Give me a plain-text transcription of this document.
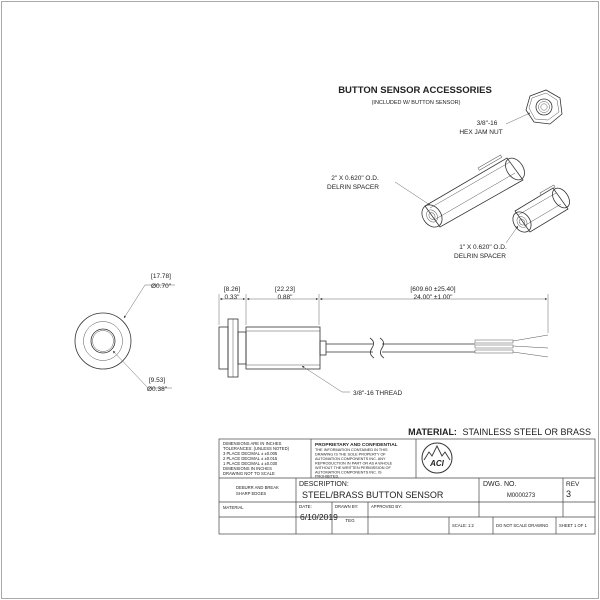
BUTTON SENSOR ACCESSORIES
(INCLUDED W/ BUTTON SENSOR)
3/8"-16
HEX JAM NUT
2" X 0.620" O.D.
DELRIN SPACER
1" X 0.620" O.D.
DELRIN SPACER
[17.78]
Ø0.70"
[9.53]
Ø0.38"
[8.26]
0.33"
[22.23]
0.88"
[609.60 ±25.40]
24.00" ±1.00"
3/8"-16 THREAD
MATERIAL: STAINLESS STEEL OR BRASS
DIMENSIONS ARE IN INCHES
TOLERANCES: (UNLESS NOTED)
3 PLACE DECIMAL ± ±0.005
2 PLACE DECIMAL ± ±0.015
1 PLACE DECIMAL ± ±0.030
DIMENSIONS IN INCHES
DRAWING NOT TO SCALE
PROPRIETARY AND CONFIDENTIAL
THE INFORMATION CONTAINED IN THIS
DRAWING IS THE SOLE PROPERTY OF
AUTOMATION COMPONENTS INC. ANY
REPRODUCTION IN PART OR AS A WHOLE
WITHOUT THE WRITTEN PERMISSION OF
AUTOMATION COMPONENTS INC. IS
PROHIBITED.
ACI
DEBURR AND BREAK
SHARP EDGES
DESCRIPTION:
STEEL/BRASS BUTTON SENSOR
DWG. NO.
M0000273
REV
3
MATERIAL	DATE:
6/10/2019
DRAWN BY:
TEG
APPROVED BY:
SCALE: 1:2	DO NOT SCALE DRAWING	SHEET 1 OF 1
